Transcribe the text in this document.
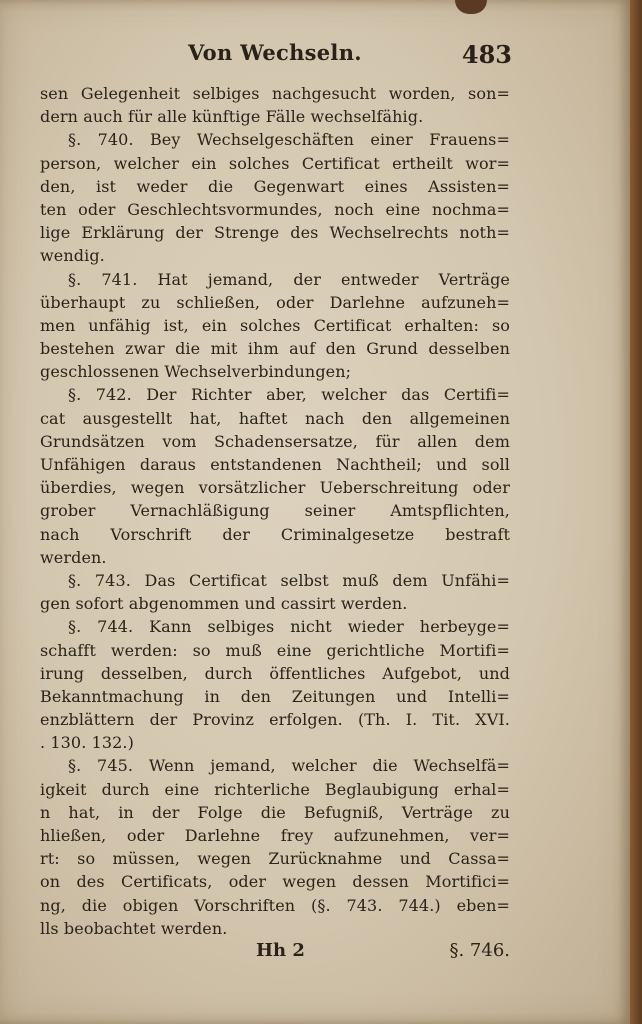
Von Wechseln.	483
sen Gelegenheit selbiges nachgesucht worden, son=
dern auch für alle künftige Fälle wechselfähig.
§. 740. Bey Wechselgeschäften einer Frauens=
person, welcher ein solches Certificat ertheilt wor=
den, ist weder die Gegenwart eines Assisten=
ten oder Geschlechtsvormundes, noch eine nochma=
lige Erklärung der Strenge des Wechselrechts noth=
wendig.
§. 741. Hat jemand, der entweder Verträge
überhaupt zu schließen, oder Darlehne aufzuneh=
men unfähig ist, ein solches Certificat erhalten: so
bestehen zwar die mit ihm auf den Grund desselben
geschlossenen Wechselverbindungen;
§. 742. Der Richter aber, welcher das Certifi=
cat ausgestellt hat, haftet nach den allgemeinen
Grundsätzen vom Schadensersatze, für allen dem
Unfähigen daraus entstandenen Nachtheil; und soll
überdies, wegen vorsätzlicher Ueberschreitung oder
grober Vernachläßigung seiner Amtspflichten,
nach Vorschrift der Criminalgesetze bestraft
werden.
§. 743. Das Certificat selbst muß dem Unfähi=
gen sofort abgenommen und cassirt werden.
§. 744. Kann selbiges nicht wieder herbeyge=
schafft werden: so muß eine gerichtliche Mortifi=
irung desselben, durch öffentliches Aufgebot, und
Bekanntmachung in den Zeitungen und Intelli=
enzblättern der Provinz erfolgen. (Th. I. Tit. XVI.
. 130. 132.)
§. 745. Wenn jemand, welcher die Wechselfä=
igkeit durch eine richterliche Beglaubigung erhal=
n hat, in der Folge die Befugniß, Verträge zu
hließen, oder Darlehne frey aufzunehmen, ver=
rt: so müssen, wegen Zurücknahme und Cassa=
on des Certificats, oder wegen dessen Mortifici=
ng, die obigen Vorschriften (§. 743. 744.) eben=
lls beobachtet werden.
Hh 2	§. 746.
